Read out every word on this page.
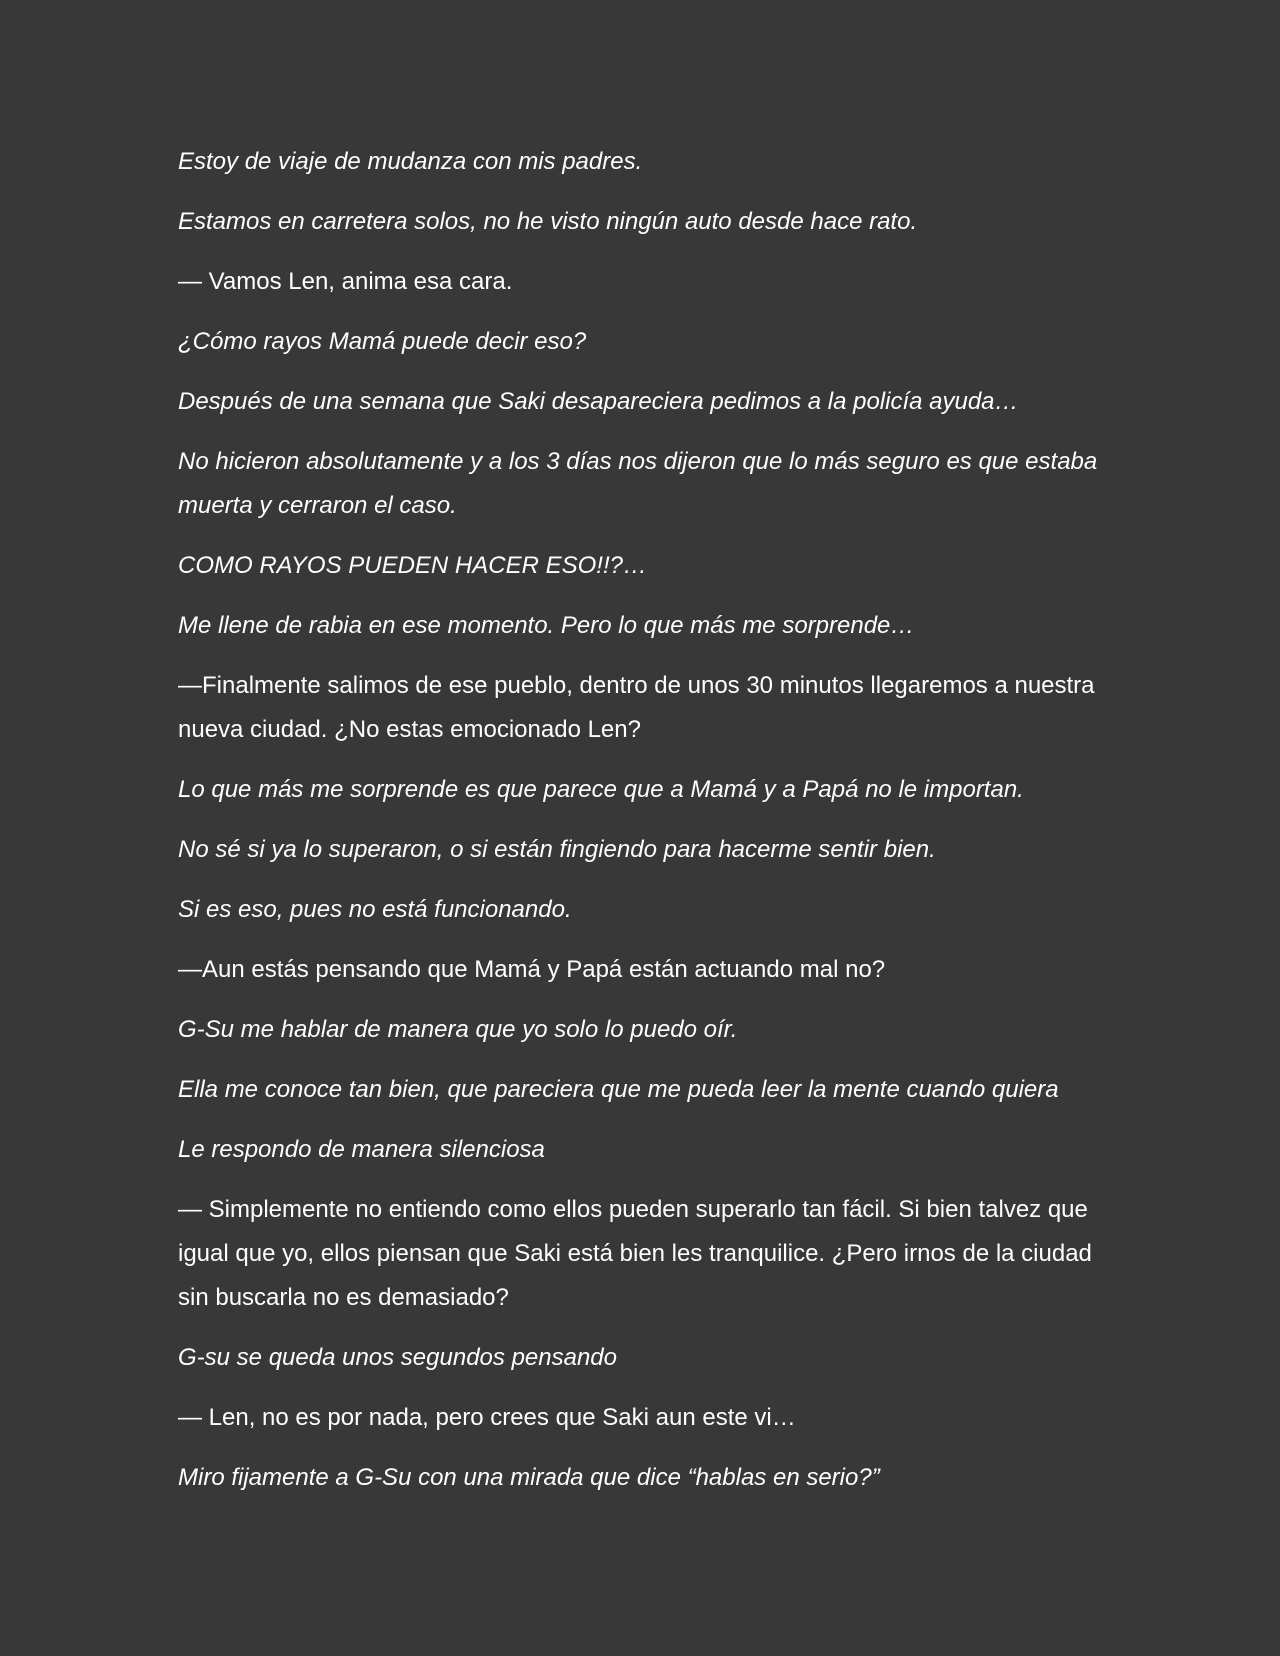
Estoy de viaje de mudanza con mis padres.

Estamos en carretera solos, no he visto ningún auto desde hace rato.

— Vamos Len, anima esa cara.

¿Cómo rayos Mamá puede decir eso?

Después de una semana que Saki desapareciera pedimos a la policía ayuda…

No hicieron absolutamente y a los 3 días nos dijeron que lo más seguro es que estaba muerta y cerraron el caso.

COMO RAYOS PUEDEN HACER ESO!!?…

Me llene de rabia en ese momento. Pero lo que más me sorprende…

—Finalmente salimos de ese pueblo, dentro de unos 30 minutos llegaremos a nuestra nueva ciudad. ¿No estas emocionado Len?

Lo que más me sorprende es que parece que a Mamá y a Papá no le importan.

No sé si ya lo superaron, o si están fingiendo para hacerme sentir bien.

Si es eso, pues no está funcionando.

—Aun estás pensando que Mamá y Papá están actuando mal no?

G-Su me hablar de manera que yo solo lo puedo oír.

Ella me conoce tan bien, que pareciera que me pueda leer la mente cuando quiera

Le respondo de manera silenciosa

— Simplemente no entiendo como ellos pueden superarlo tan fácil. Si bien talvez que igual que yo, ellos piensan que Saki está bien les tranquilice. ¿Pero irnos de la ciudad sin buscarla no es demasiado?

G-su se queda unos segundos pensando

— Len, no es por nada, pero crees que Saki aun este vi…

Miro fijamente a G-Su con una mirada que dice “hablas en serio?”
